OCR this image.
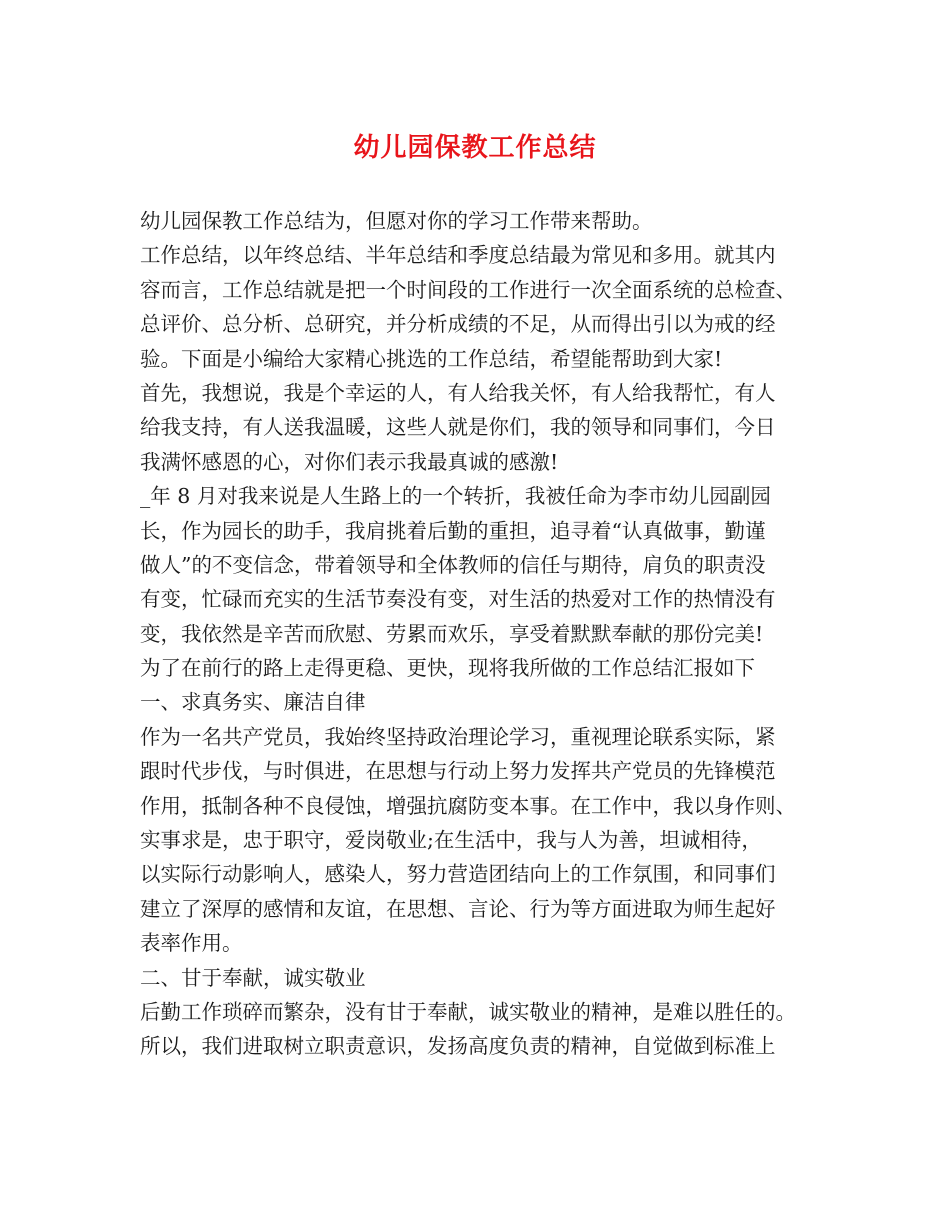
幼儿园保教工作总结
幼儿园保教工作总结为，但愿对你的学习工作带来帮助。
工作总结，以年终总结、半年总结和季度总结最为常见和多用。就其内
容而言，工作总结就是把一个时间段的工作进行一次全面系统的总检查、
总评价、总分析、总研究，并分析成绩的不足，从而得出引以为戒的经
验。下面是小编给大家精心挑选的工作总结，希望能帮助到大家!
首先，我想说，我是个幸运的人，有人给我关怀，有人给我帮忙，有人
给我支持，有人送我温暖，这些人就是你们，我的领导和同事们，今日
我满怀感恩的心，对你们表示我最真诚的感激!
_年 8 月对我来说是人生路上的一个转折，我被任命为李市幼儿园副园
长，作为园长的助手，我肩挑着后勤的重担，追寻着“认真做事，勤谨
做人”的不变信念，带着领导和全体教师的信任与期待，肩负的职责没
有变，忙碌而充实的生活节奏没有变，对生活的热爱对工作的热情没有
变，我依然是辛苦而欣慰、劳累而欢乐，享受着默默奉献的那份完美!
为了在前行的路上走得更稳、更快，现将我所做的工作总结汇报如下
一、求真务实、廉洁自律
作为一名共产党员，我始终坚持政治理论学习，重视理论联系实际，紧
跟时代步伐，与时俱进，在思想与行动上努力发挥共产党员的先锋模范
作用，抵制各种不良侵蚀，增强抗腐防变本事。在工作中，我以身作则、
实事求是，忠于职守，爱岗敬业;在生活中，我与人为善，坦诚相待，
以实际行动影响人，感染人，努力营造团结向上的工作氛围，和同事们
建立了深厚的感情和友谊，在思想、言论、行为等方面进取为师生起好
表率作用。
二、甘于奉献，诚实敬业
后勤工作琐碎而繁杂，没有甘于奉献，诚实敬业的精神，是难以胜任的。
所以，我们进取树立职责意识，发扬高度负责的精神，自觉做到标准上
